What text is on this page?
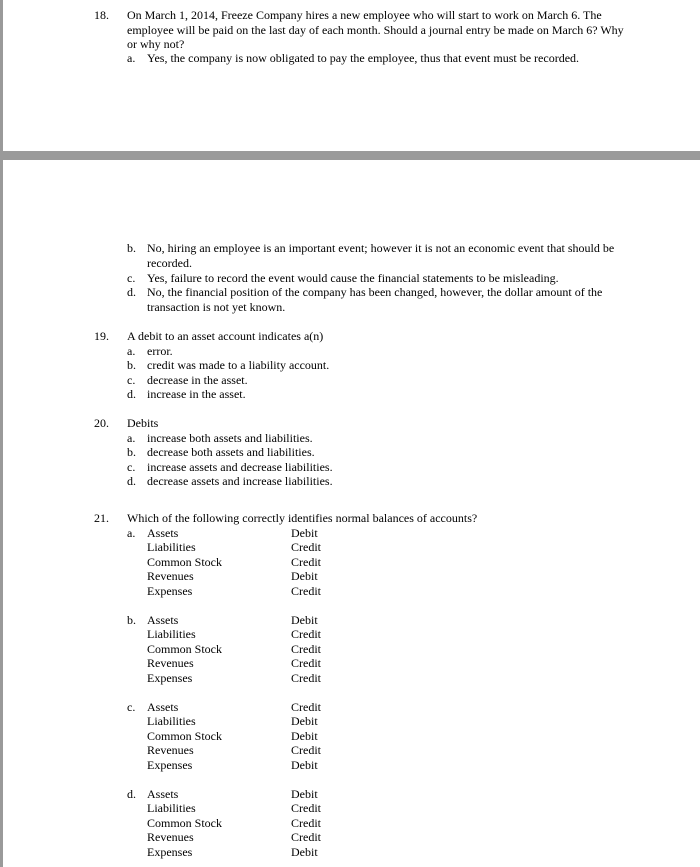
18. On March 1, 2014, Freeze Company hires a new employee who will start to work on March 6. The employee will be paid on the last day of each month. Should a journal entry be made on March 6? Why or why not?
a. Yes, the company is now obligated to pay the employee, thus that event must be recorded.
b. No, hiring an employee is an important event; however it is not an economic event that should be recorded.
c. Yes, failure to record the event would cause the financial statements to be misleading.
d. No, the financial position of the company has been changed, however, the dollar amount of the transaction is not yet known.
19. A debit to an asset account indicates a(n)
a. error.
b. credit was made to a liability account.
c. decrease in the asset.
d. increase in the asset.
20. Debits
a. increase both assets and liabilities.
b. decrease both assets and liabilities.
c. increase assets and decrease liabilities.
d. decrease assets and increase liabilities.
21. Which of the following correctly identifies normal balances of accounts?
a. Assets	Debit
Liabilities	Credit
Common Stock	Credit
Revenues	Debit
Expenses	Credit
b. Assets	Debit
Liabilities	Credit
Common Stock	Credit
Revenues	Credit
Expenses	Credit
c. Assets	Credit
Liabilities	Debit
Common Stock	Debit
Revenues	Credit
Expenses	Debit
d. Assets	Debit
Liabilities	Credit
Common Stock	Credit
Revenues	Credit
Expenses	Debit
